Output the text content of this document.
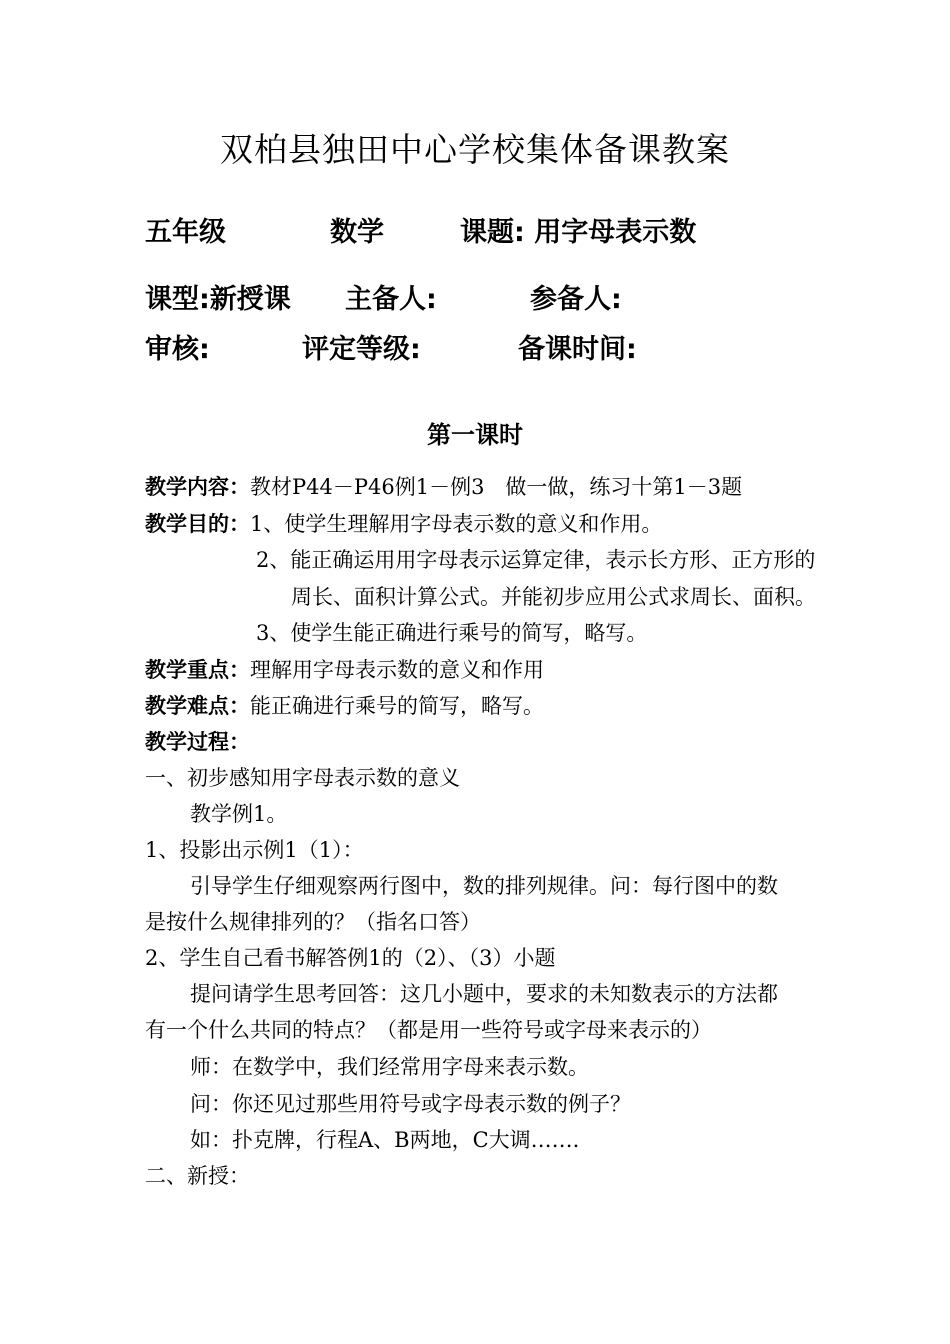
双柏县独田中心学校集体备课教案
五年级	数学	课题: 用字母表示数
课型:新授课 主备人:	参备人:
审核:	评定等级:	备课时间:
第一课时
教学内容：教材P44－P46例1－例3　做一做，练习十第1－3题
教学目的：1、使学生理解用字母表示数的意义和作用。
2、能正确运用用字母表示运算定律，表示长方形、正方形的
周长、面积计算公式。并能初步应用公式求周长、面积。
3、使学生能正确进行乘号的简写，略写。
教学重点：理解用字母表示数的意义和作用
教学难点：能正确进行乘号的简写，略写。
教学过程：
一、初步感知用字母表示数的意义
教学例1。
1、投影出示例1（1）：
引导学生仔细观察两行图中，数的排列规律。问：每行图中的数
是按什么规律排列的？（指名口答）
2、学生自己看书解答例1的（2）、（3）小题
提问请学生思考回答：这几小题中，要求的未知数表示的方法都
有一个什么共同的特点？（都是用一些符号或字母来表示的）
师：在数学中，我们经常用字母来表示数。
问：你还见过那些用符号或字母表示数的例子？
如：扑克牌，行程A、B两地，C大调…….
二、新授：
